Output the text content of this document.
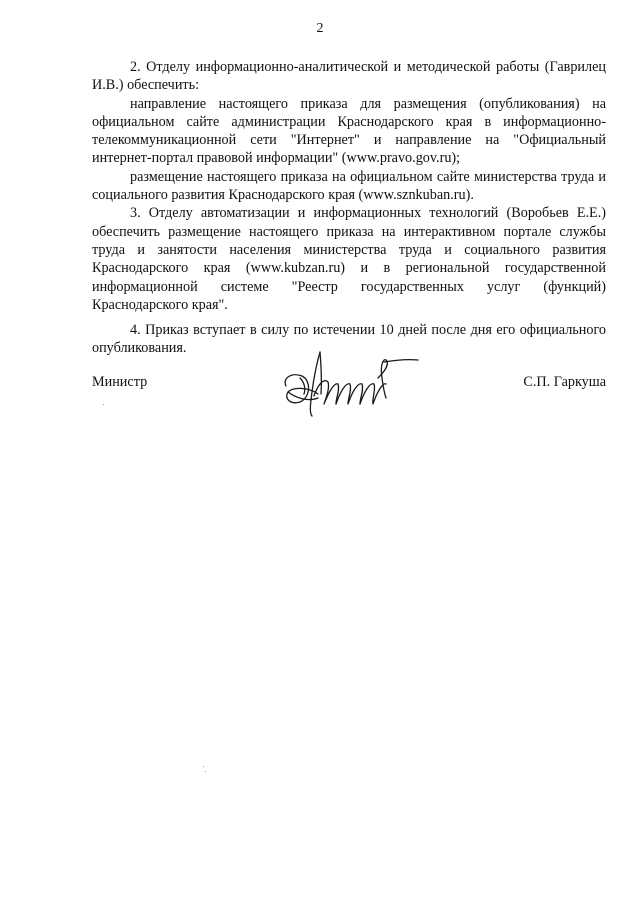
2

2. Отделу информационно-аналитической и методической работы (Гаврилец И.В.) обеспечить:

направление настоящего приказа для размещения (опубликования) на официальном сайте администрации Краснодарского края в информационно-телекоммуникационной сети "Интернет" и направление на "Официальный интернет-портал правовой информации" (www.pravo.gov.ru);

размещение настоящего приказа на официальном сайте министерства труда и социального развития Краснодарского края (www.sznkuban.ru).

3. Отделу автоматизации и информационных технологий (Воробьев Е.Е.) обеспечить размещение настоящего приказа на интерактивном портале службы труда и занятости населения министерства труда и социального развития Краснодарского края (www.kubzan.ru) и в региональной государственной информационной системе "Реестр государственных услуг (функций) Краснодарского края".

4. Приказ вступает в силу по истечении 10 дней после дня его официального опубликования.

Министр	С.П. Гаркуша
